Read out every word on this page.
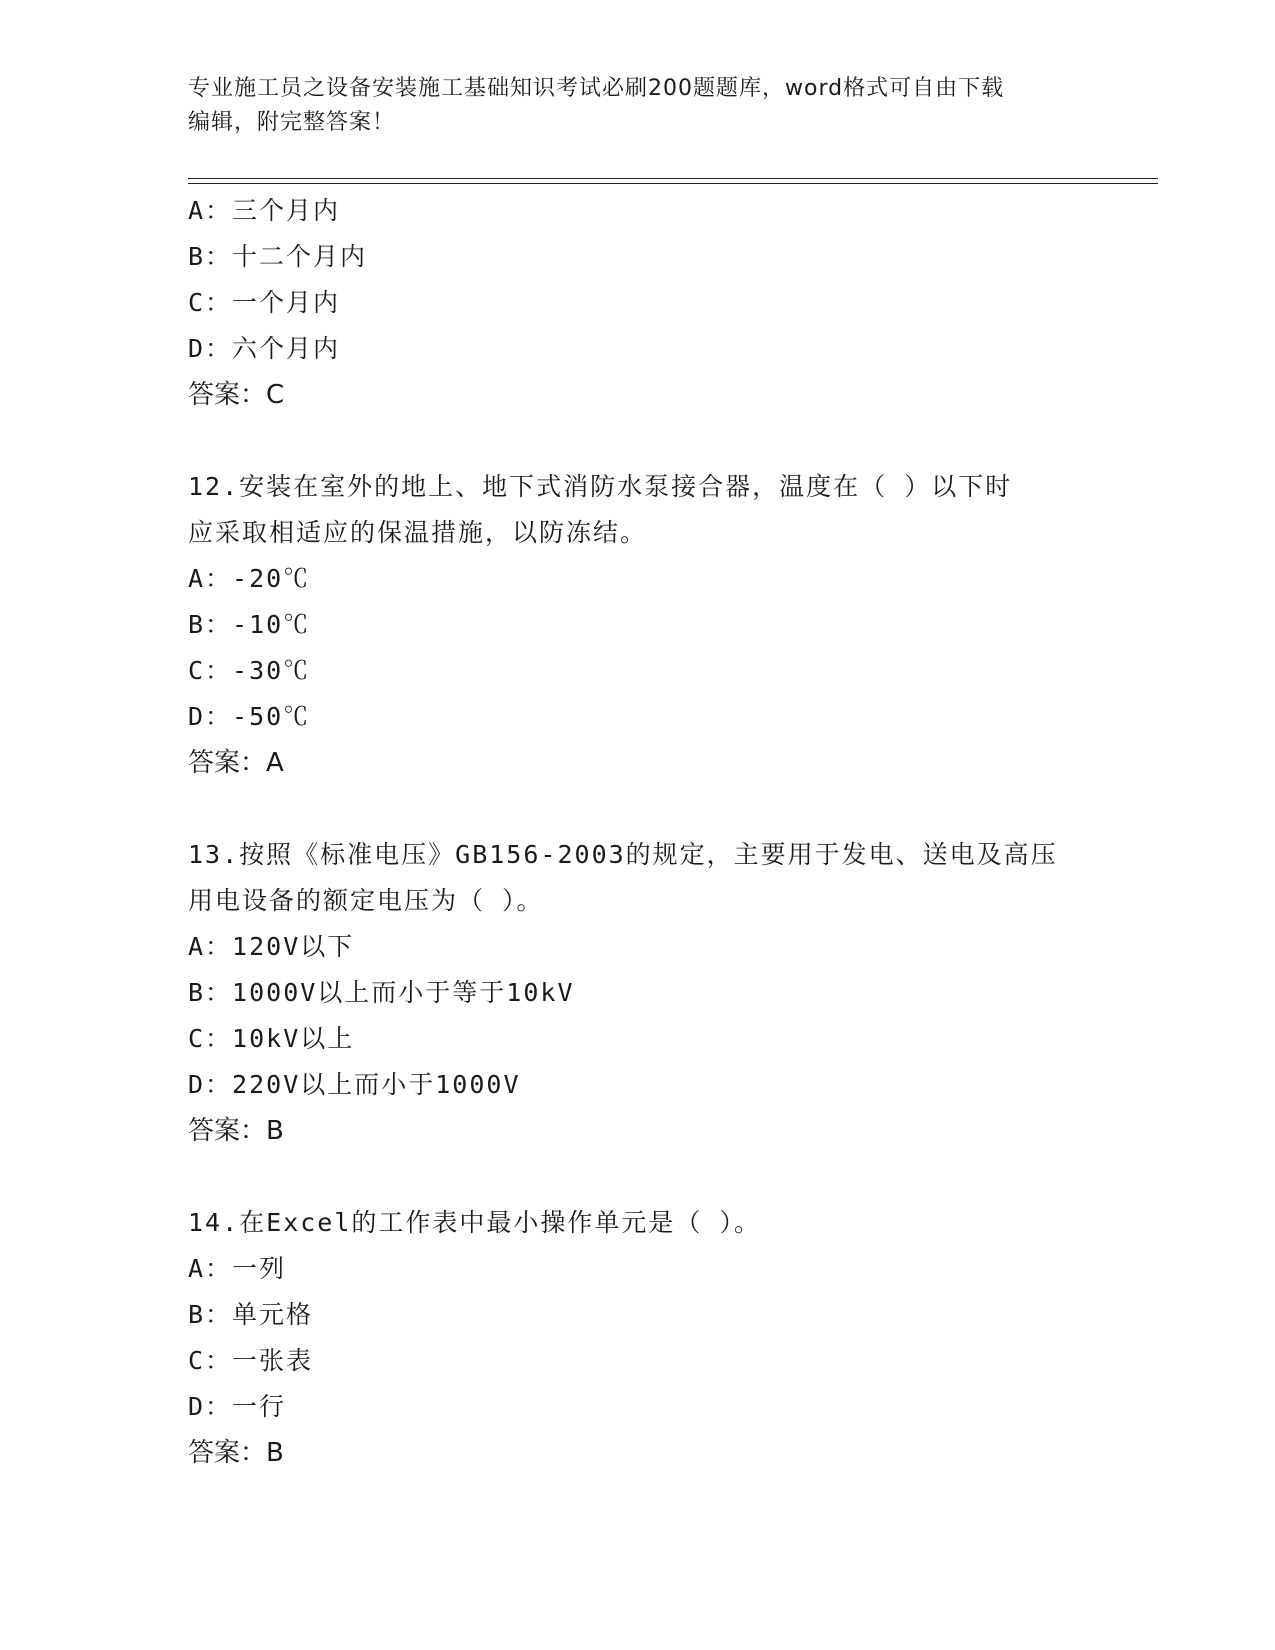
专业施工员之设备安装施工基础知识考试必刷200题题库，word格式可自由下载
编辑，附完整答案！
A：三个月内
B：十二个月内
C：一个月内
D：六个月内
答案：C
12.安装在室外的地上、地下式消防水泵接合器，温度在（ ）以下时
应采取相适应的保温措施，以防冻结。
A：-20℃
B：-10℃
C：-30℃
D：-50℃
答案：A
13.按照《标准电压》GB156-2003的规定，主要用于发电、送电及高压
用电设备的额定电压为（ ）。
A：120V以下
B：1000V以上而小于等于10kV
C：10kV以上
D：220V以上而小于1000V
答案：B
14.在Excel的工作表中最小操作单元是（ ）。
A：一列
B：单元格
C：一张表
D：一行
答案：B
